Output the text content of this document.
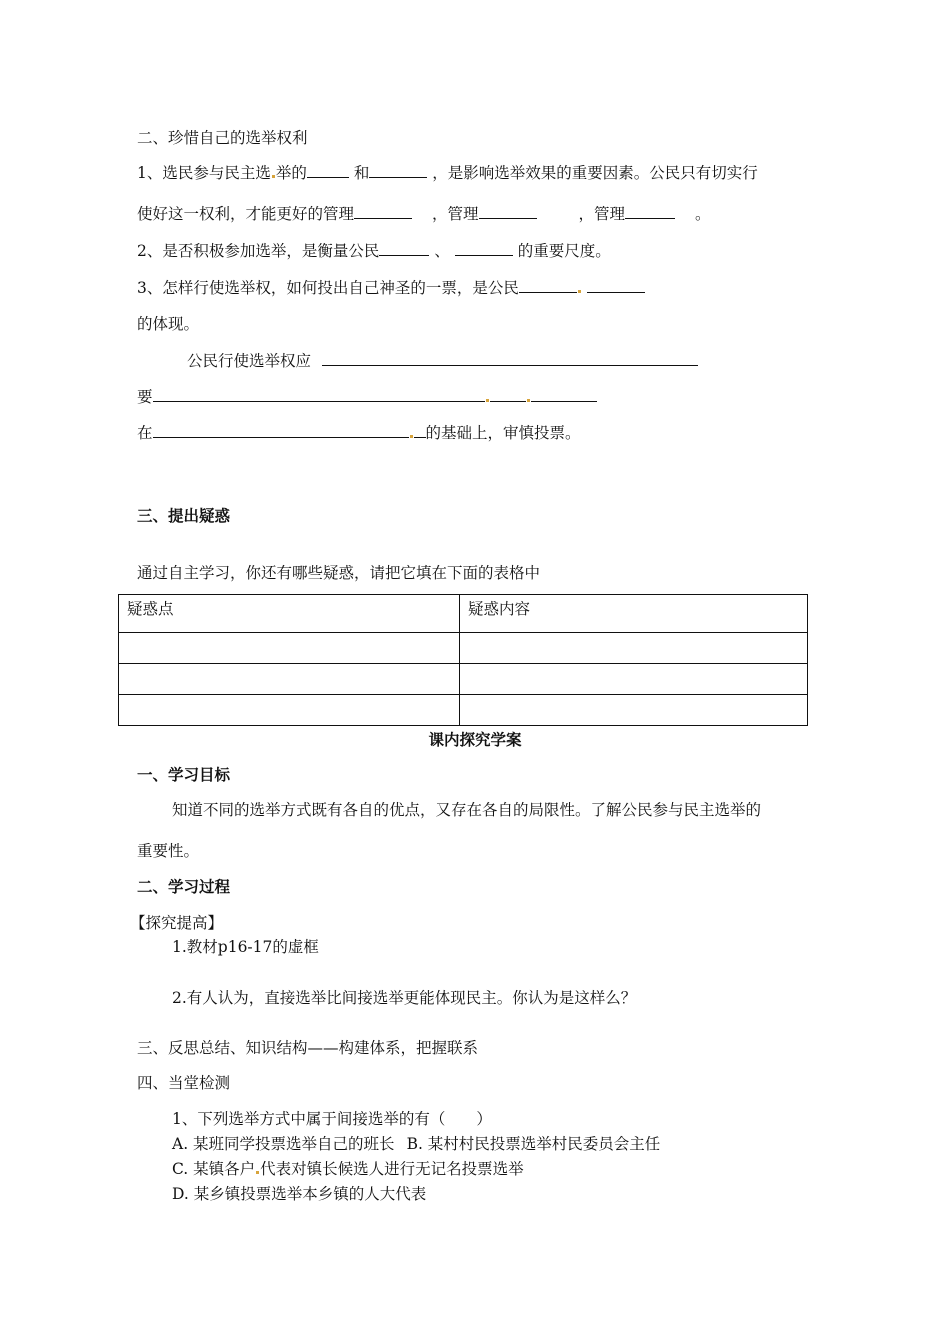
二、珍惜自己的选举权利
1、选民参与民主选 举的	和	，是影响选举效果的重要因素。公民只有切实行
使好这一权利，才能更好的管理	，管理	，管理	。
2、是否积极参加选举，是衡量公民	、	的重要尺度。
3、怎样行使选举权，如何投出自己神圣的一票，是公民
的体现。
公民行使选举权应
要
在	的基础上，审慎投票。
三、提出疑惑
通过自主学习，你还有哪些疑惑，请把它填在下面的表格中
疑惑点	疑惑内容

课内探究学案
一、学习目标
知道不同的选举方式既有各自的优点，又存在各自的局限性。了解公民参与民主选举的
重要性。
二、学习过程
【探究提高】
1.教材p16-17的虚框
2.有人认为，直接选举比间接选举更能体现民主。你认为是这样么？
三、反思总结、知识结构——构建体系，把握联系
四、当堂检测
1、下列选举方式中属于间接选举的有（　　）
A. 某班同学投票选举自己的班长 B. 某村村民投票选举村民委员会主任
C. 某镇各户 代表对镇长候选人进行无记名投票选举
D. 某乡镇投票选举本乡镇的人大代表
